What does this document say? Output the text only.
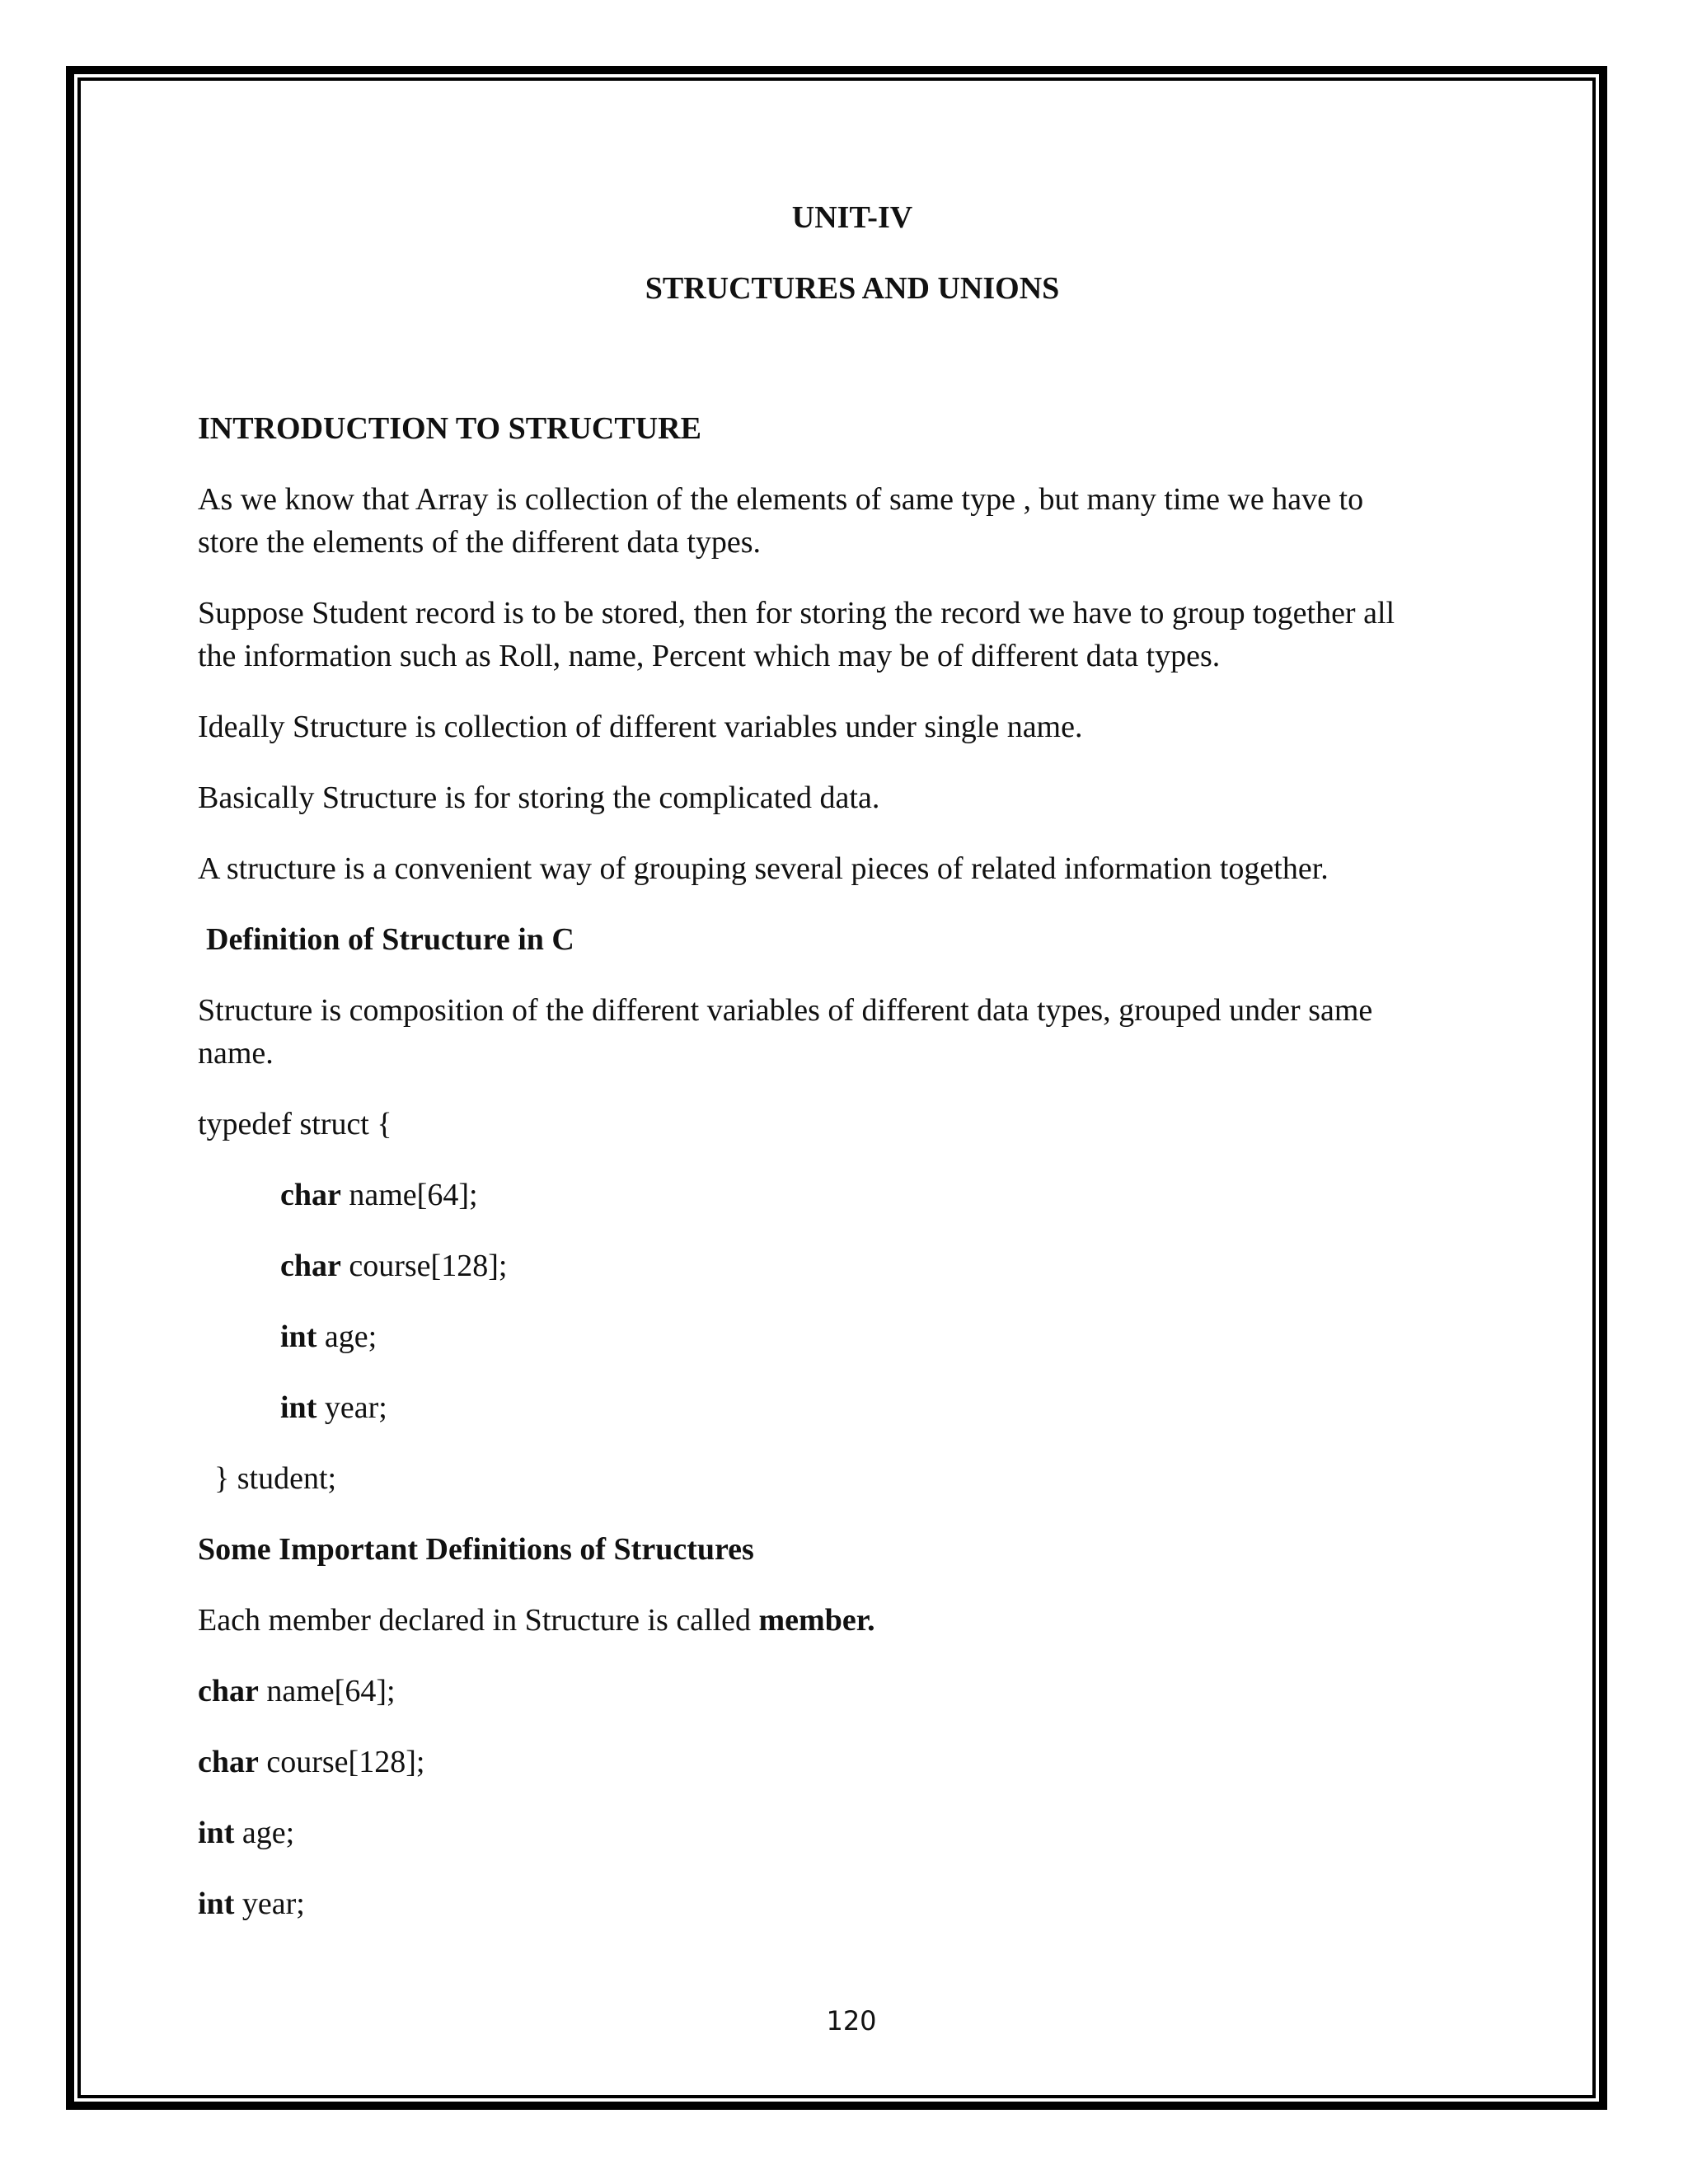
UNIT-IV

STRUCTURES AND UNIONS

INTRODUCTION TO STRUCTURE

As we know that Array is collection of the elements of same type , but many time we have to

store the elements of the different data types.

Suppose Student record is to be stored, then for storing the record we have to group together all

the information such as Roll, name, Percent which may be of different data types.

Ideally Structure is collection of different variables under single name.

Basically Structure is for storing the complicated data.

A structure is a convenient way of grouping several pieces of related information together.

Definition of Structure in C

Structure is composition of the different variables of different data types, grouped under same

name.

typedef struct {

char name[64];

char course[128];

int age;

int year;

} student;

Some Important Definitions of Structures

Each member declared in Structure is called member.

char name[64];

char course[128];

int age;

int year;

120
